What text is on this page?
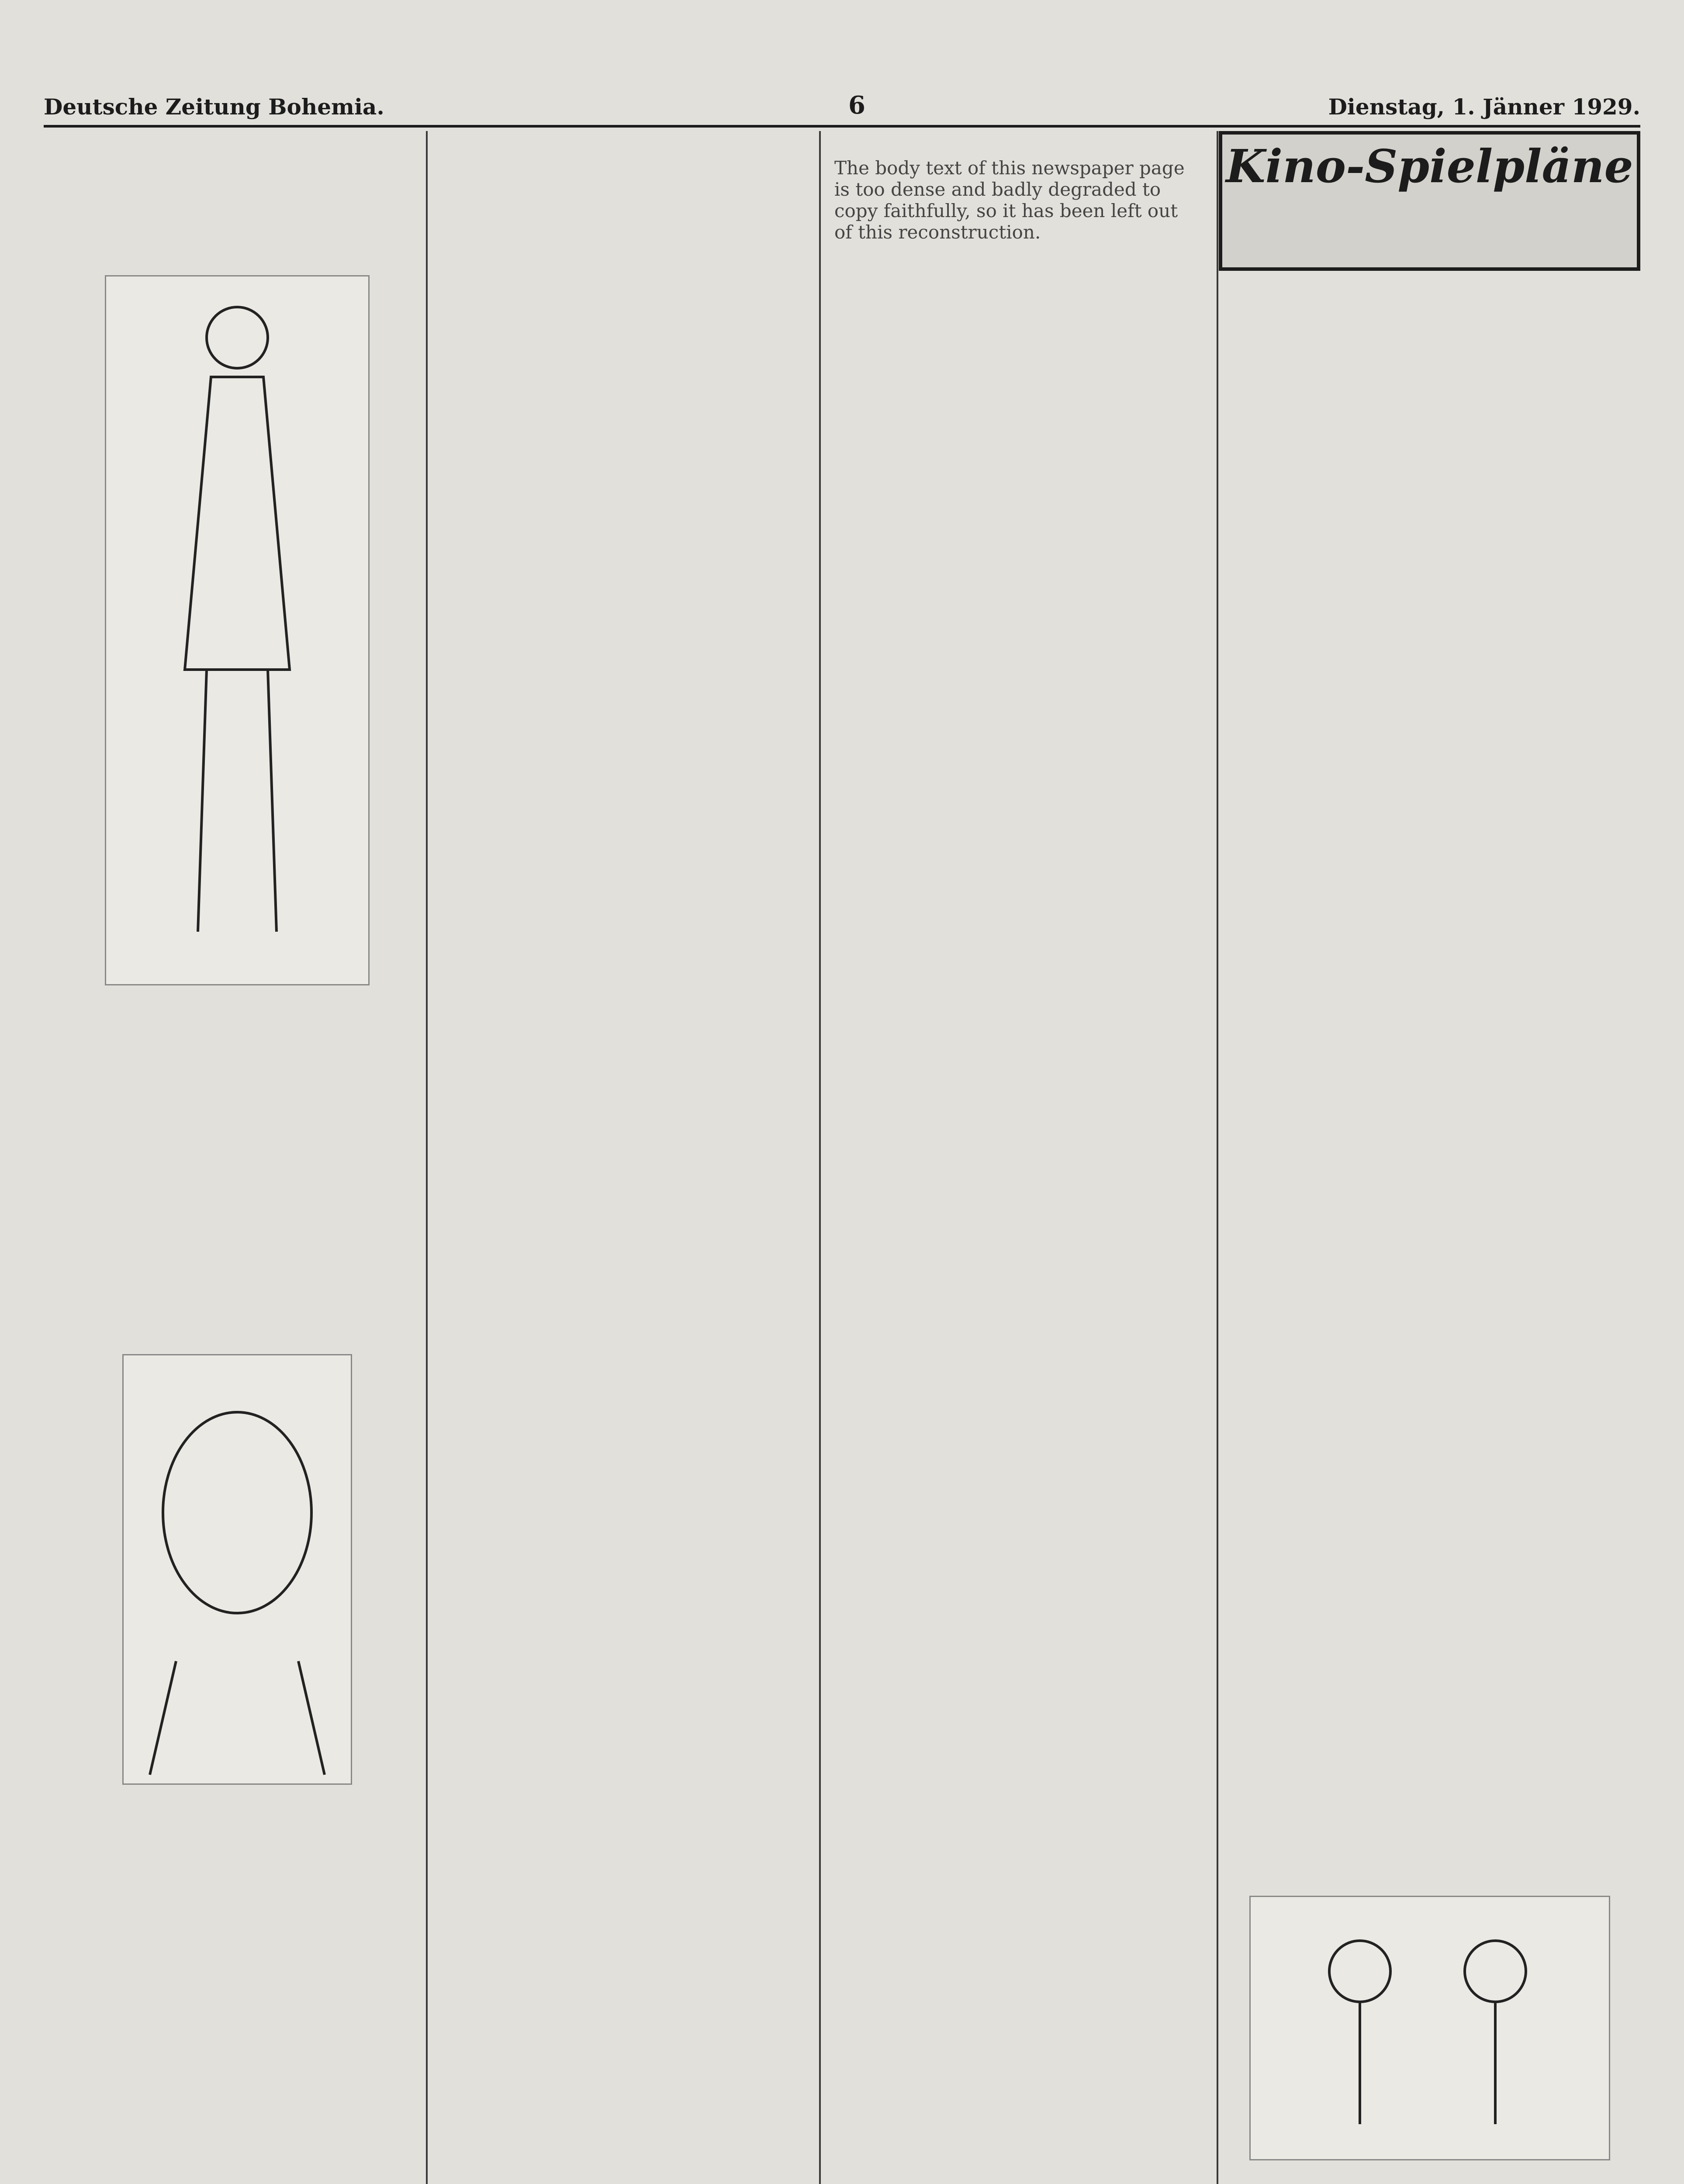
Deutsche Zeitung Bohemia.	6	Dienstag, 1. Jänner 1929.
The body text of this newspaper page is too dense and badly degraded to copy faithfully, so it has been left out of this reconstruction.
Kino-Spielpläne
